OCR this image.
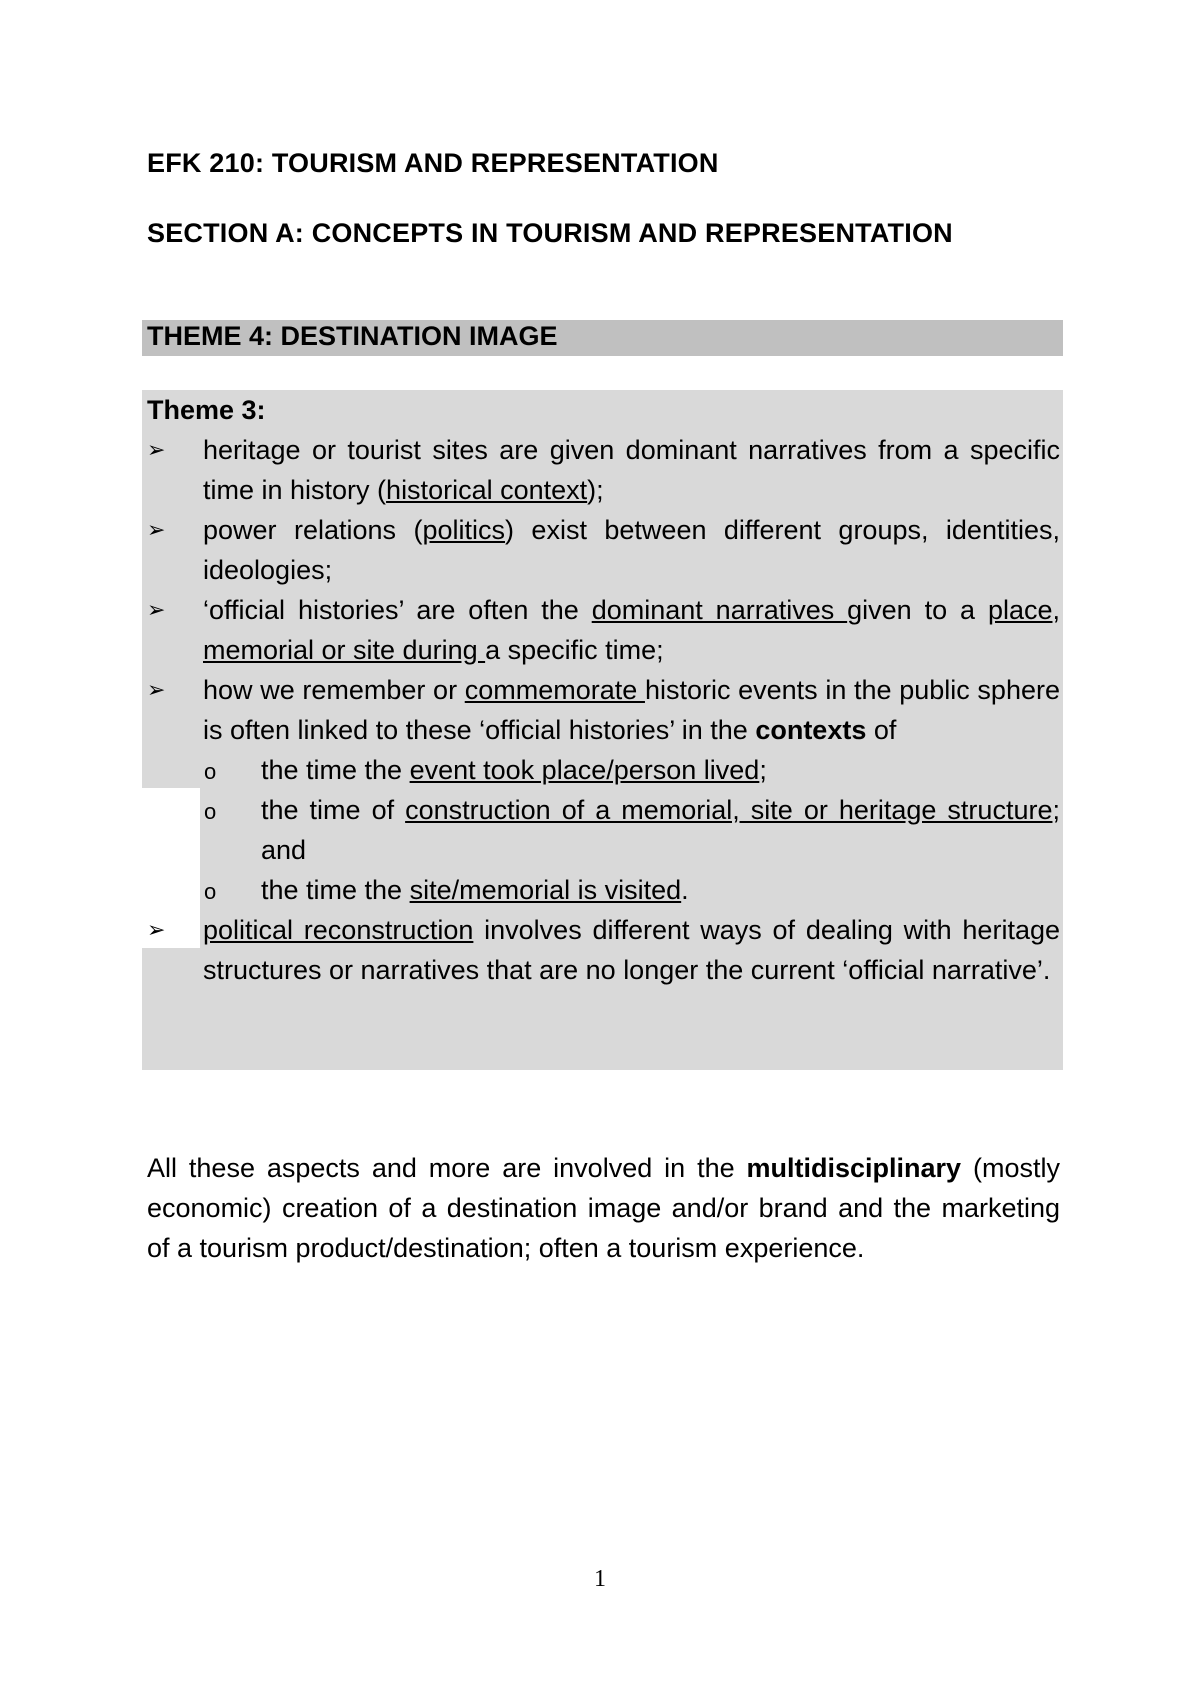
EFK 210: TOURISM AND REPRESENTATION
SECTION A: CONCEPTS IN TOURISM AND REPRESENTATION
THEME 4: DESTINATION IMAGE
Theme 3:
➢ heritage or tourist sites are given dominant narratives from a specific time in history (historical context);
➢ power relations (politics) exist between different groups, identities, ideologies;
➢ ‘official histories’ are often the dominant narratives given to a place, memorial or site during a specific time;
➢ how we remember or commemorate historic events in the public sphere is often linked to these ‘official histories’ in the contexts of
o the time the event took place/person lived;
o the time of construction of a memorial, site or heritage structure; and
o the time the site/memorial is visited.
➢ political reconstruction involves different ways of dealing with heritage structures or narratives that are no longer the current ‘official narrative’.
All these aspects and more are involved in the multidisciplinary (mostly economic) creation of a destination image and/or brand and the marketing of a tourism product/destination; often a tourism experience.
1
